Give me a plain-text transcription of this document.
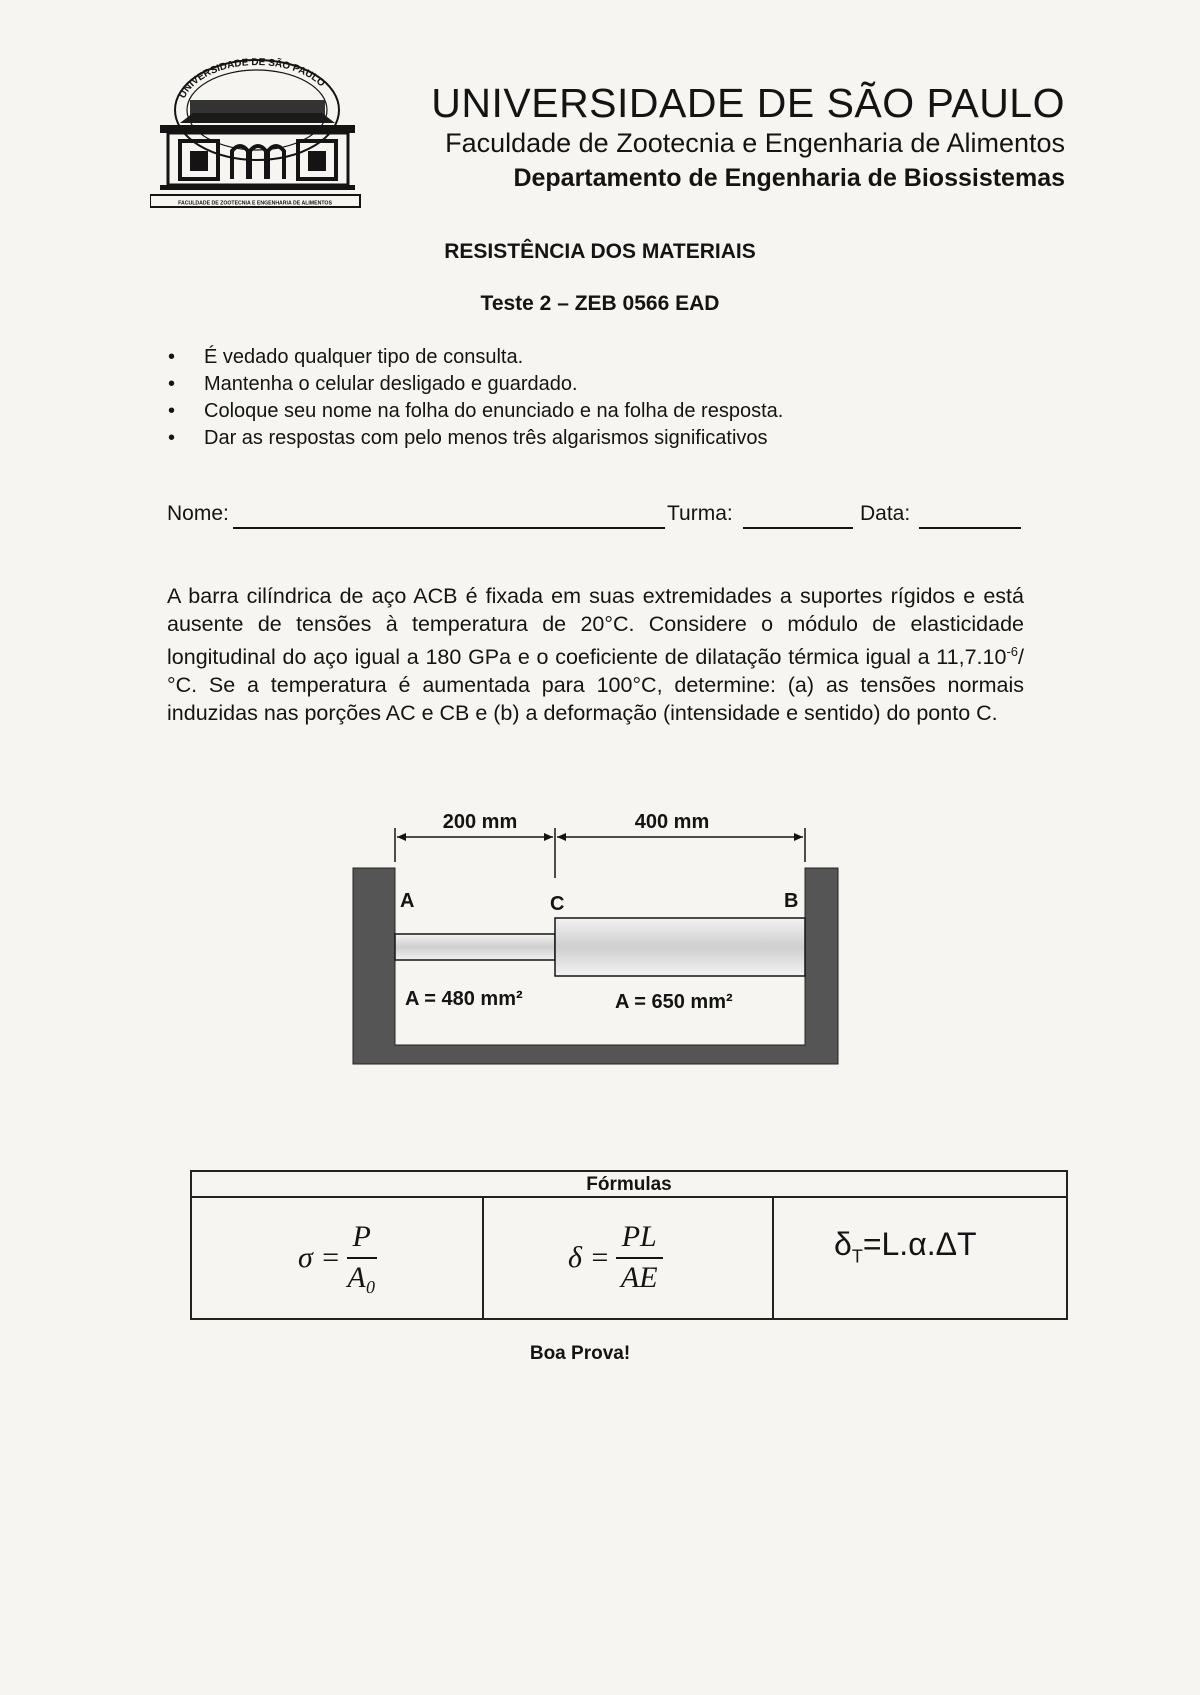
UNIVERSIDADE DE SÃO PAULO
FACULDADE DE ZOOTECNIA E ENGENHARIA DE ALIMENTOS
UNIVERSIDADE DE SÃO PAULO
Faculdade de Zootecnia e Engenharia de Alimentos
Departamento de Engenharia de Biossistemas
RESISTÊNCIA DOS MATERIAIS
Teste 2 – ZEB 0566 EAD
• É vedado qualquer tipo de consulta.
• Mantenha o celular desligado e guardado.
• Coloque seu nome na folha do enunciado e na folha de resposta.
• Dar as respostas com pelo menos três algarismos significativos
Nome:	Turma:	Data:
A barra cilíndrica de aço ACB é fixada em suas extremidades a suportes rígidos e está ausente de tensões à temperatura de 20°C. Considere o módulo de elasticidade longitudinal do aço igual a 180 GPa e o coeficiente de dilatação térmica igual a $11,7.10^{-6}/^\circ C$. Se a temperatura é aumentada para 100°C, determine: (a) as tensões normais induzidas nas porções AC e CB e (b) a deformação (intensidade e sentido) do ponto C.
200 mm	400 mm
A	C	B
A = 480 mm²	A = 650 mm²
Fórmulas
$\sigma = \frac{P}{\text{A₀}}$	$\delta = \frac{PL}{AE}$	$\delta_T=L.\alpha.\Delta T$
Boa Prova!
